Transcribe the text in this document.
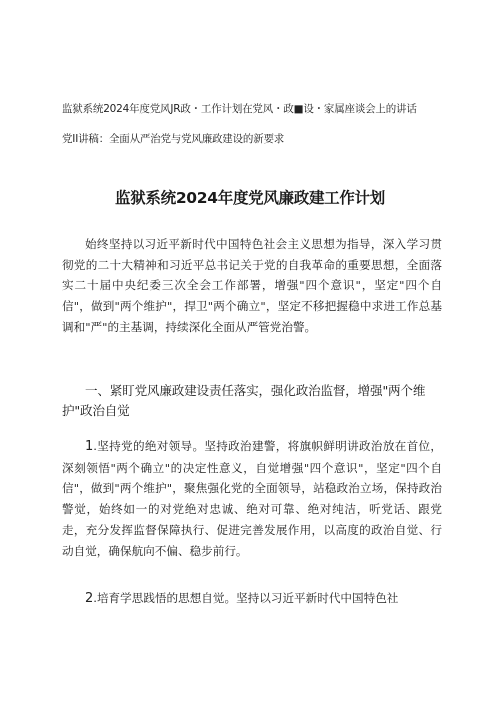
监狱系统2024年度党风JR政・工作计划在党风・政■设・家属座谈会上的讲话
党II讲稿：全面从严治党与党风廉政建设的新要求
监狱系统2024年度党风廉政建工作计划
始终坚持以习近平新时代中国特色社会主义思想为指导，深入学习贯彻党的二十大精神和习近平总书记关于党的自我革命的重要思想，全面落实二十届中央纪委三次全会工作部署，增强"四个意识"，坚定"四个自信"，做到"两个维护"，捍卫"两个确立"，坚定不移把握稳中求进工作总基调和"严"的主基调，持续深化全面从严管党治警。
一、紧盯党风廉政建设责任落实，强化政治监督，增强"两个维护"政治自觉
1.坚持党的绝对领导。坚持政治建警，将旗帜鲜明讲政治放在首位，深刻领悟"两个确立"的决定性意义，自觉增强"四个意识"，坚定"四个自信"，做到"两个维护"，聚焦强化党的全面领导，站稳政治立场，保持政治警觉，始终如一的对党绝对忠诚、绝对可靠、绝对纯洁，听党话、跟党走，充分发挥监督保障执行、促进完善发展作用，以高度的政治自觉、行动自觉，确保航向不偏、稳步前行。
2.培育学思践悟的思想自觉。坚持以习近平新时代中国特色社
